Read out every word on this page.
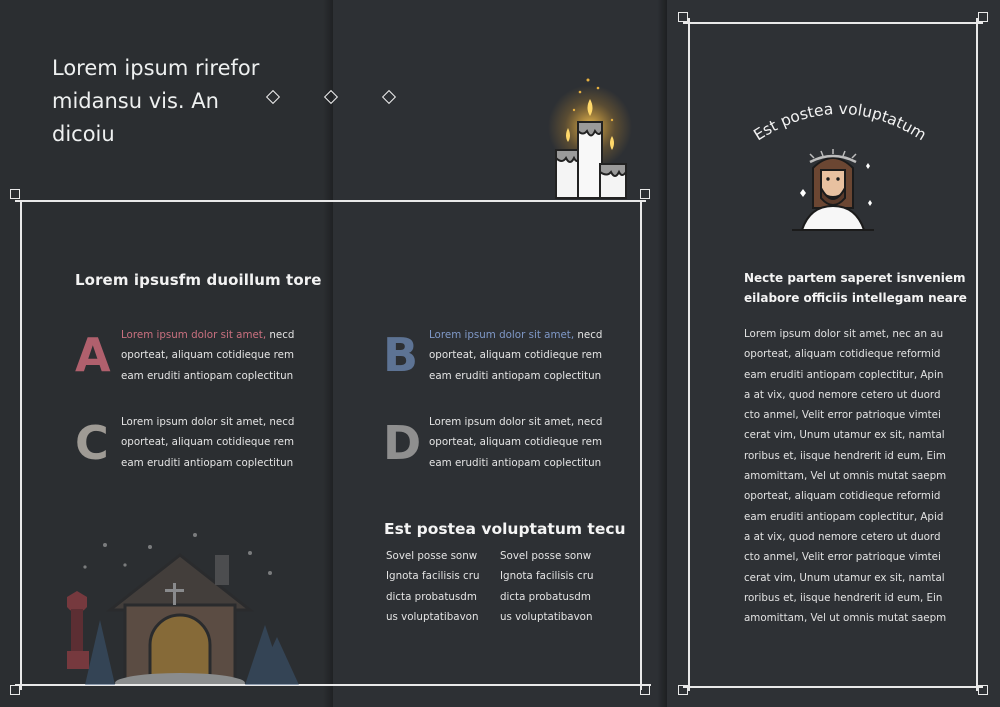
Lorem ipsum rirefor midansu vis. An dicoiu
Lorem ipsusfm duoillum tore
A Lorem ipsum dolor sit amet, necd
oporteat, aliquam cotidieque rem
eam eruditi antiopam coplectitun B Lorem ipsum dolor sit amet, necd
oporteat, aliquam cotidieque rem
eam eruditi antiopam coplectitun
C Lorem ipsum dolor sit amet, necd
oporteat, aliquam cotidieque rem
eam eruditi antiopam coplectitun D Lorem ipsum dolor sit amet, necd
oporteat, aliquam cotidieque rem
eam eruditi antiopam coplectitun
Est postea voluptatum tecu
Sovel posse sonw
Ignota facilisis cru
dicta probatusdm
us voluptatibavon
Sovel posse sonw
Ignota facilisis cru
dicta probatusdm
us voluptatibavon
Est postea voluptatum
Necte partem saperet isnveniem
eilabore officiis intellegam neare
Lorem ipsum dolor sit amet, nec an au
oporteat, aliquam cotidieque reformid
eam eruditi antiopam coplectitur, Apin
a at vix, quod nemore cetero ut duord
cto anmel, Velit error patrioque vimtei
cerat vim, Unum utamur ex sit, namtal
roribus et, iisque hendrerit id eum, Eim
amomittam, Vel ut omnis mutat saepm
oporteat, aliquam cotidieque reformid
eam eruditi antiopam coplectitur, Apid
a at vix, quod nemore cetero ut duord
cto anmel, Velit error patrioque vimtei
cerat vim, Unum utamur ex sit, namtal
roribus et, iisque hendrerit id eum, Ein
amomittam, Vel ut omnis mutat saepm
